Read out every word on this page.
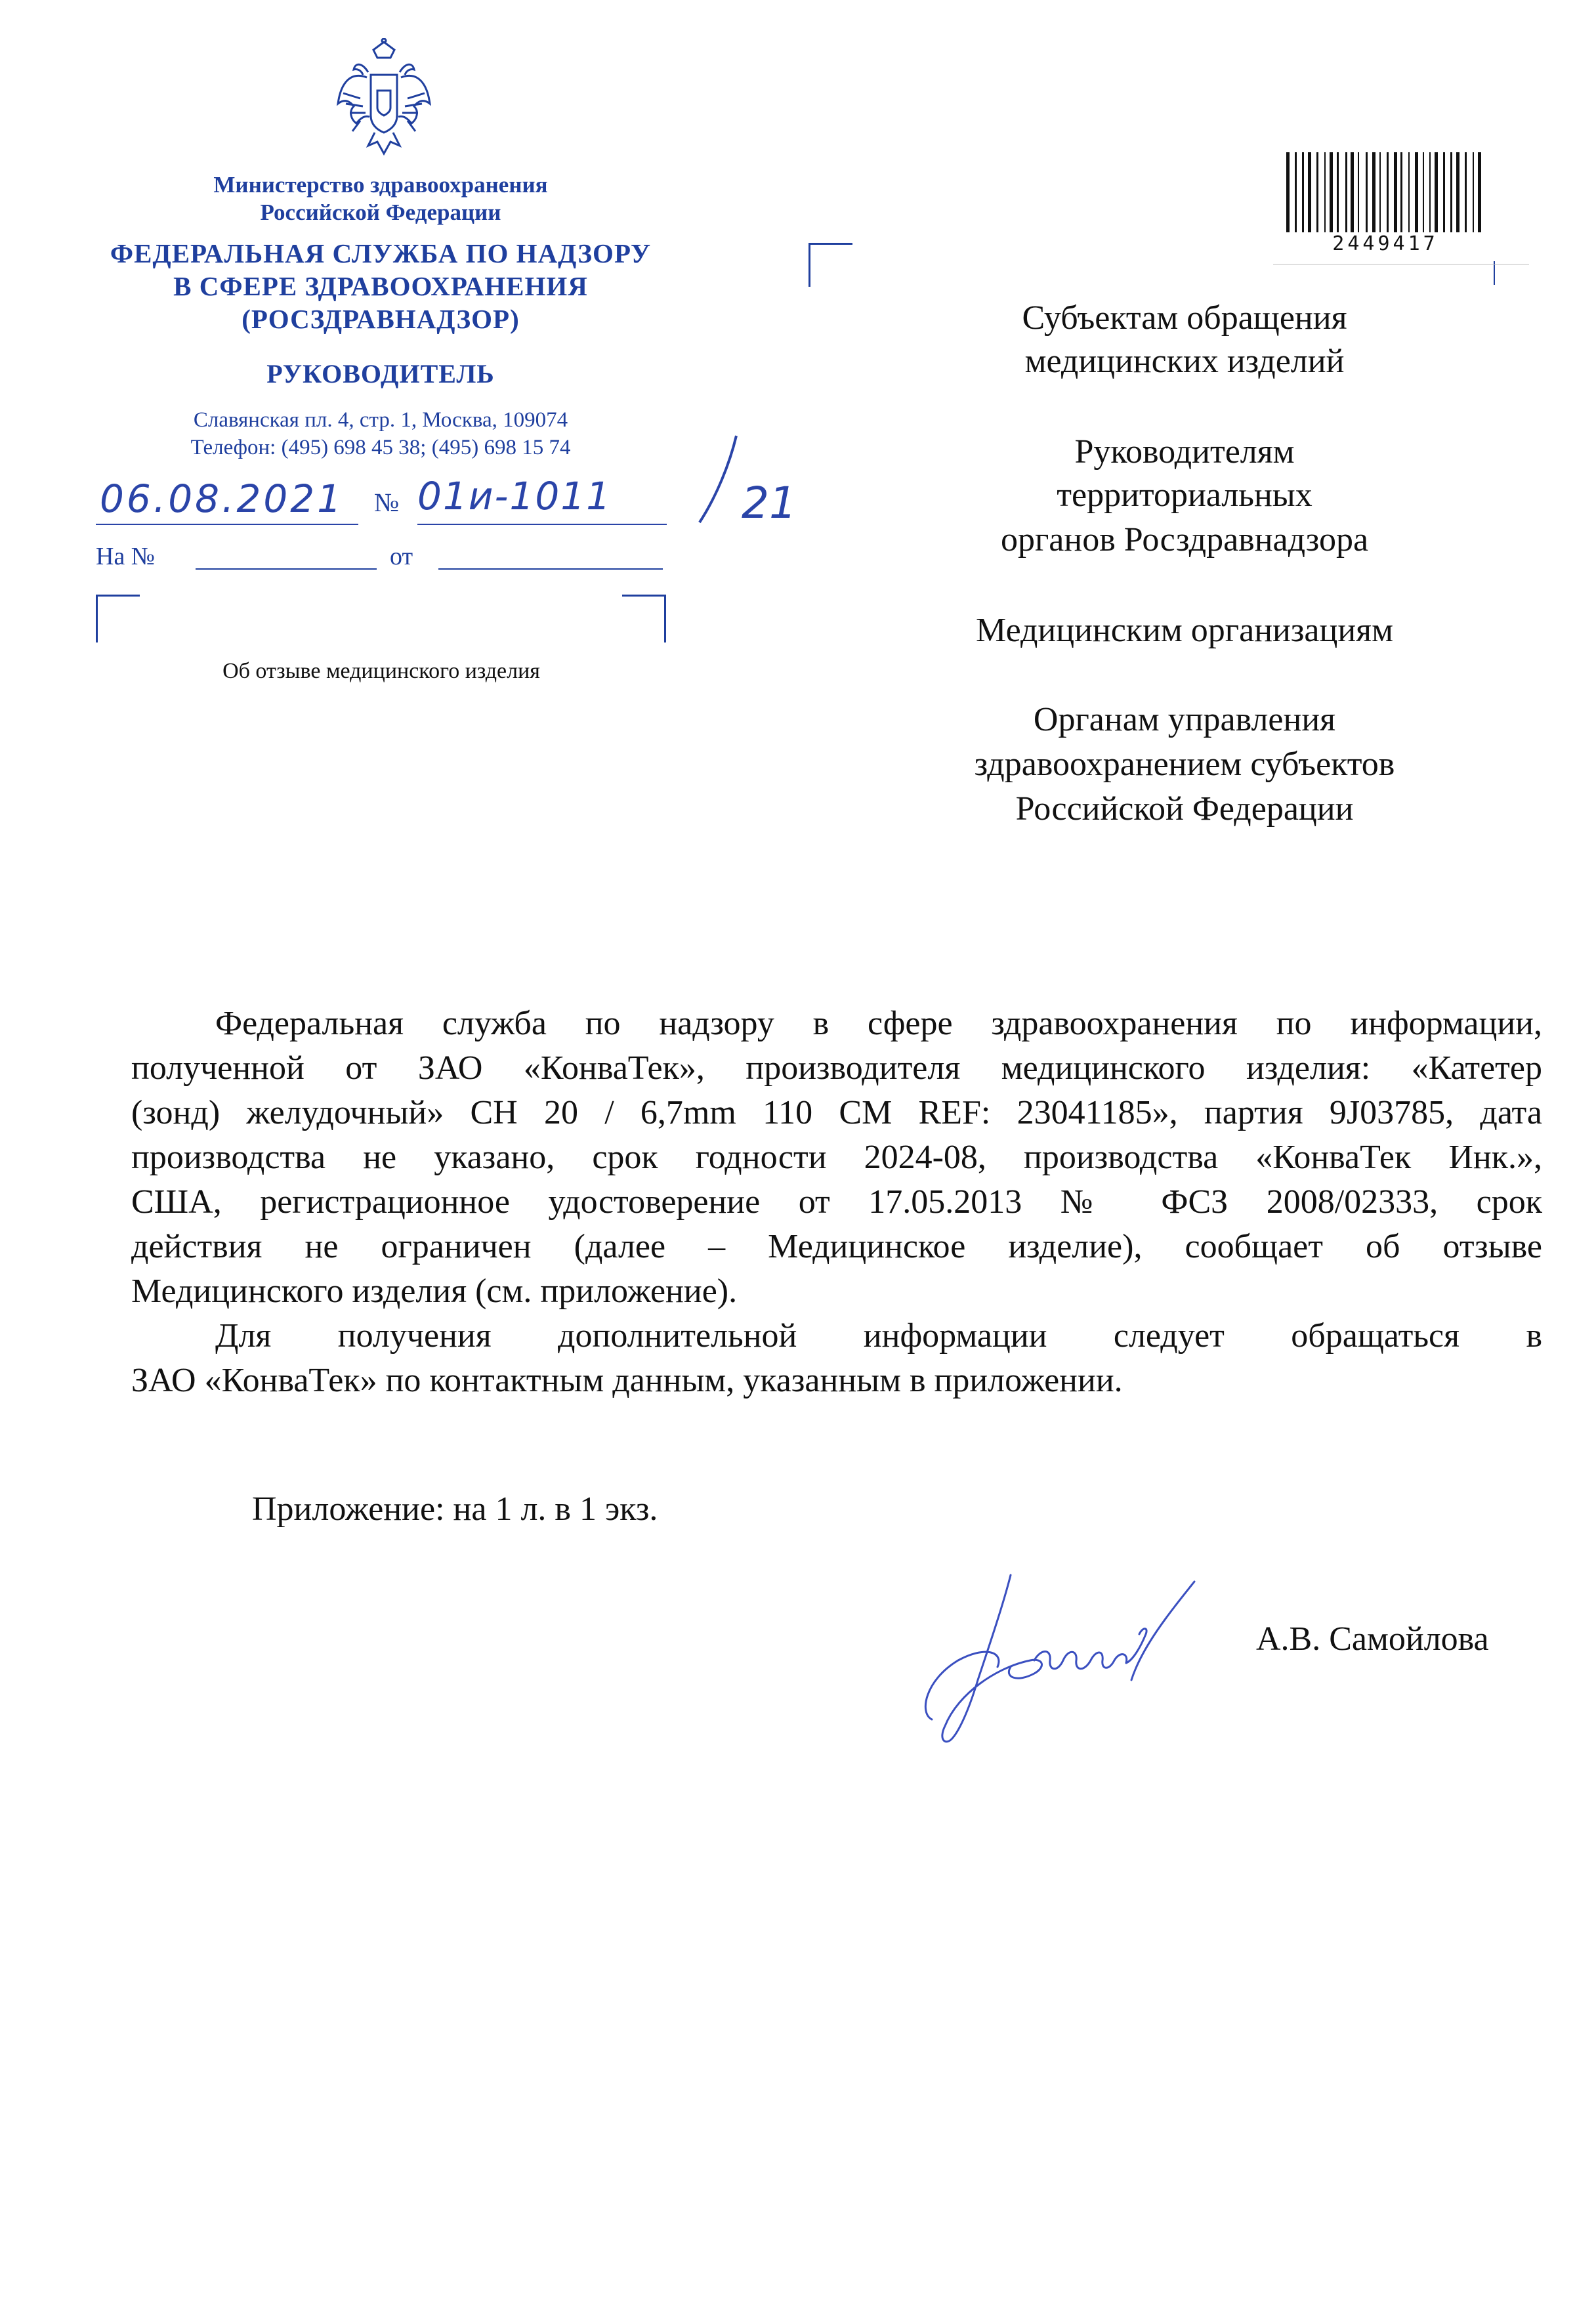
Министерство здравоохранения
Российской Федерации
ФЕДЕРАЛЬНАЯ СЛУЖБА ПО НАДЗОРУ
В СФЕРЕ ЗДРАВООХРАНЕНИЯ
(РОСЗДРАВНАДЗОР)
РУКОВОДИТЕЛЬ
Славянская пл. 4, стр. 1, Москва, 109074
Телефон: (495) 698 45 38; (495) 698 15 74
06.08.2021 № 01и-1011	21
На №	от
Об отзыве медицинского изделия
2449417
Субъектам обращения
медицинских изделий
Руководителям
территориальных
органов Росздравнадзора
Медицинским организациям
Органам управления
здравоохранением субъектов
Российской Федерации
Федеральная служба по надзору в сфере здравоохранения по информации,
полученной от ЗАО «КонваТек», производителя медицинского изделия: «Катетер
(зонд) желудочный» CH 20 / 6,7mm 110 CM REF: 23041185», партия 9J03785, дата
производства не указано, срок годности 2024-08, производства «КонваТек Инк.»,
США, регистрационное удостоверение от 17.05.2013 № ФСЗ 2008/02333, срок
действия не ограничен (далее – Медицинское изделие), сообщает об отзыве
Медицинского изделия (см. приложение).
Для получения дополнительной информации следует обращаться в
ЗАО «КонваТек» по контактным данным, указанным в приложении.
Приложение: на 1 л. в 1 экз.
А.В. Самойлова
